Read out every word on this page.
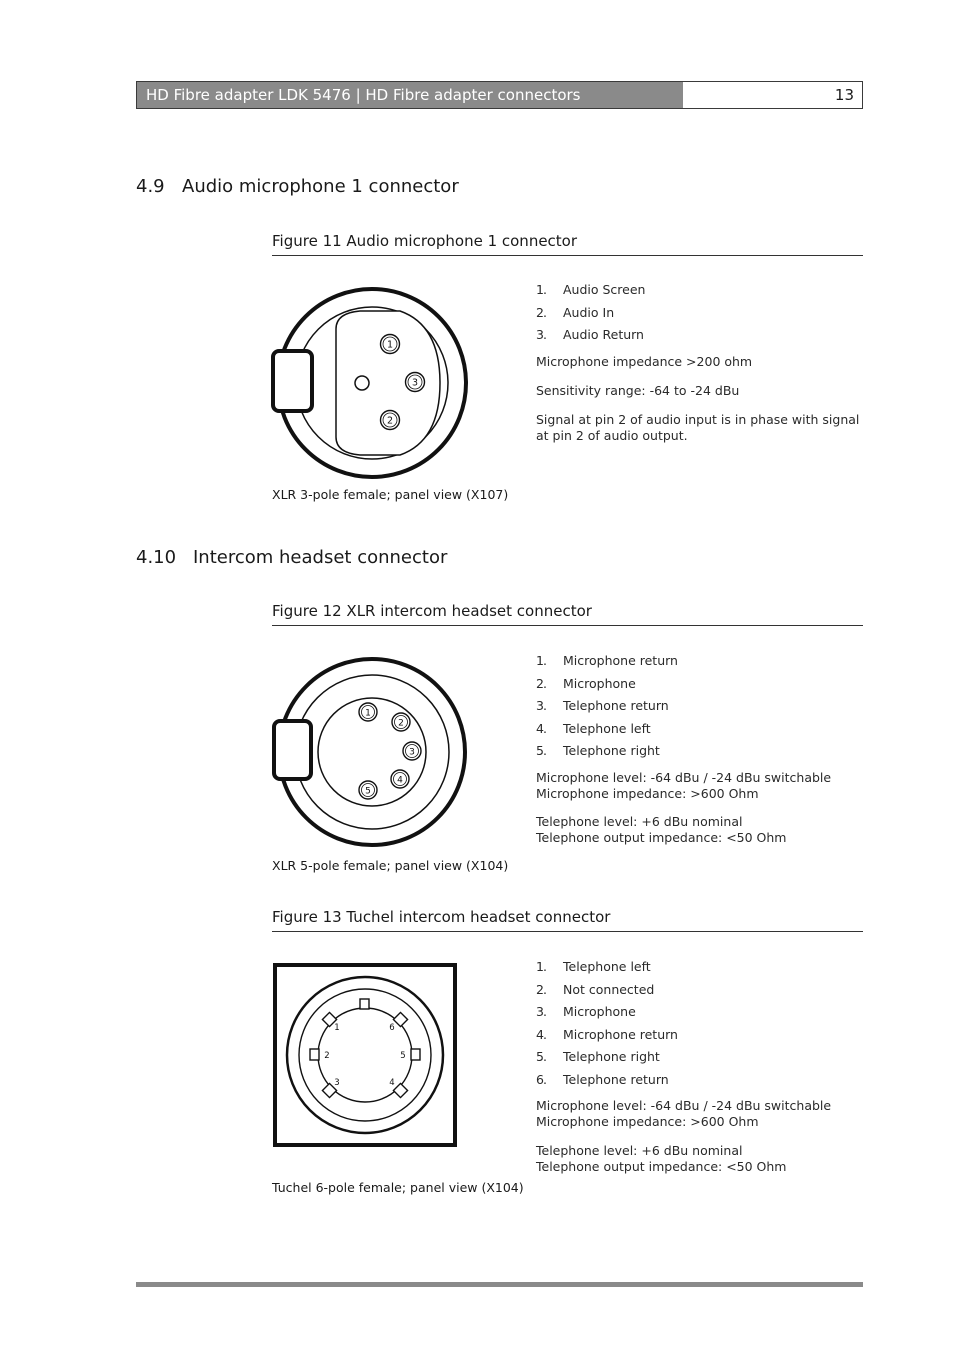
HD Fibre adapter LDK 5476 | HD Fibre adapter connectors	13
4.9 Audio microphone 1 connector
Figure 11 Audio microphone 1 connector
1
3
2
1 . Audio Screen
2 . Audio In
3 . Audio Return

Microphone impedance >200 ohm

Sensitivity range: -64 to -24 dBu

Signal at pin 2 of audio input is in phase with signal at pin 2 of audio output.

XLR 3-pole female; panel view (X107)
4.10 Intercom headset connector
Figure 12 XLR intercom headset connector
1
2
3
4
5
1 . Microphone return
2 . Microphone
3 . Telephone return
4 . Telephone left
5 . Telephone right

Microphone level: -64 dBu / -24 dBu switchable
Microphone impedance: >600 Ohm

Telephone level: +6 dBu nominal
Telephone output impedance: <50 Ohm

XLR 5-pole female; panel view (X104)
Figure 13 Tuchel intercom headset connector
1	6
2	5
3	4
1 . Telephone left
2 . Not connected
3 . Microphone
4 . Microphone return
5 . Telephone right
6 . Telephone return

Microphone level: -64 dBu / -24 dBu switchable
Microphone impedance: >600 Ohm

Telephone level: +6 dBu nominal
Telephone output impedance: <50 Ohm

Tuchel 6-pole female; panel view (X104)
